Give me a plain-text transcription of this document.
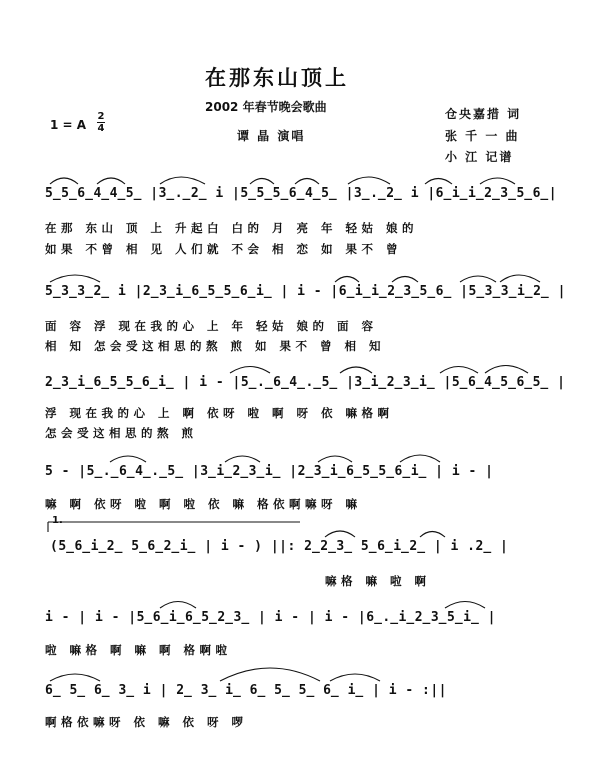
在那东山顶上
2002 年春节晚会歌曲
谭 晶 演唱
仓央嘉措 词
张 千 一 曲
小 江 记谱
1 = A
2
4
5̲5̲6̲4̲4̲5̲ |3̲.̲2̲ i |5̲5̲5̲6̲4̲5̲ |3̲.̲2̲ i |6̲i̲i̲2̲3̲5̲6̲|
在那 东山 顶 上 升起白 白的 月 亮 年 轻姑 娘的
如果 不曾 相 见 人们就 不会 相 恋 如 果不 曾
5̲3̲3̲2̲ i |2̲3̲i̲6̲5̲5̲6̲i̲ | i - |6̲i̲i̲2̲3̲5̲6̲ |5̲3̲3̲i̲2̲ |
面 容 浮 现在我的心 上 年 轻姑 娘的 面 容
相 知 怎会受这相思的熬 煎 如 果不 曾 相 知
2̲3̲i̲6̲5̲5̲6̲i̲ | i - |5̲.̲6̲4̲.̲5̲ |3̲i̲2̲3̲i̲ |5̲6̲4̲5̲6̲5̲ |
浮 现在我的心 上 啊 依呀 啦 啊 呀 依 嘛格啊
怎会受这相思的熬 煎
5 - |5̲.̲6̲4̲.̲5̲ |3̲i̲2̲3̲i̲ |2̲3̲i̲6̲5̲5̲6̲i̲ | i - |
嘛 啊 依呀 啦 啊 啦 依 嘛 格依啊嘛呀 嘛
1.
(5̲6̲i̲2̲ 5̲6̲2̲i̲ | i - ) ||: 2̲2̲3̲ 5̲6̲i̲2̲ | i .2̲ |
嘛格 嘛 啦 啊
i - | i - |5̲6̲i̲6̲5̲2̲3̲ | i - | i - |6̲.̲i̲2̲3̲5̲i̲ |
啦 嘛格 啊 嘛 啊 格啊啦
6̲ 5̲ 6̲ 3̲ i | 2̲ 3̲ i̲ 6̲ 5̲ 5̲ 6̲ i̲ | i - :||
啊格依嘛呀 依 嘛 依 呀 啰
